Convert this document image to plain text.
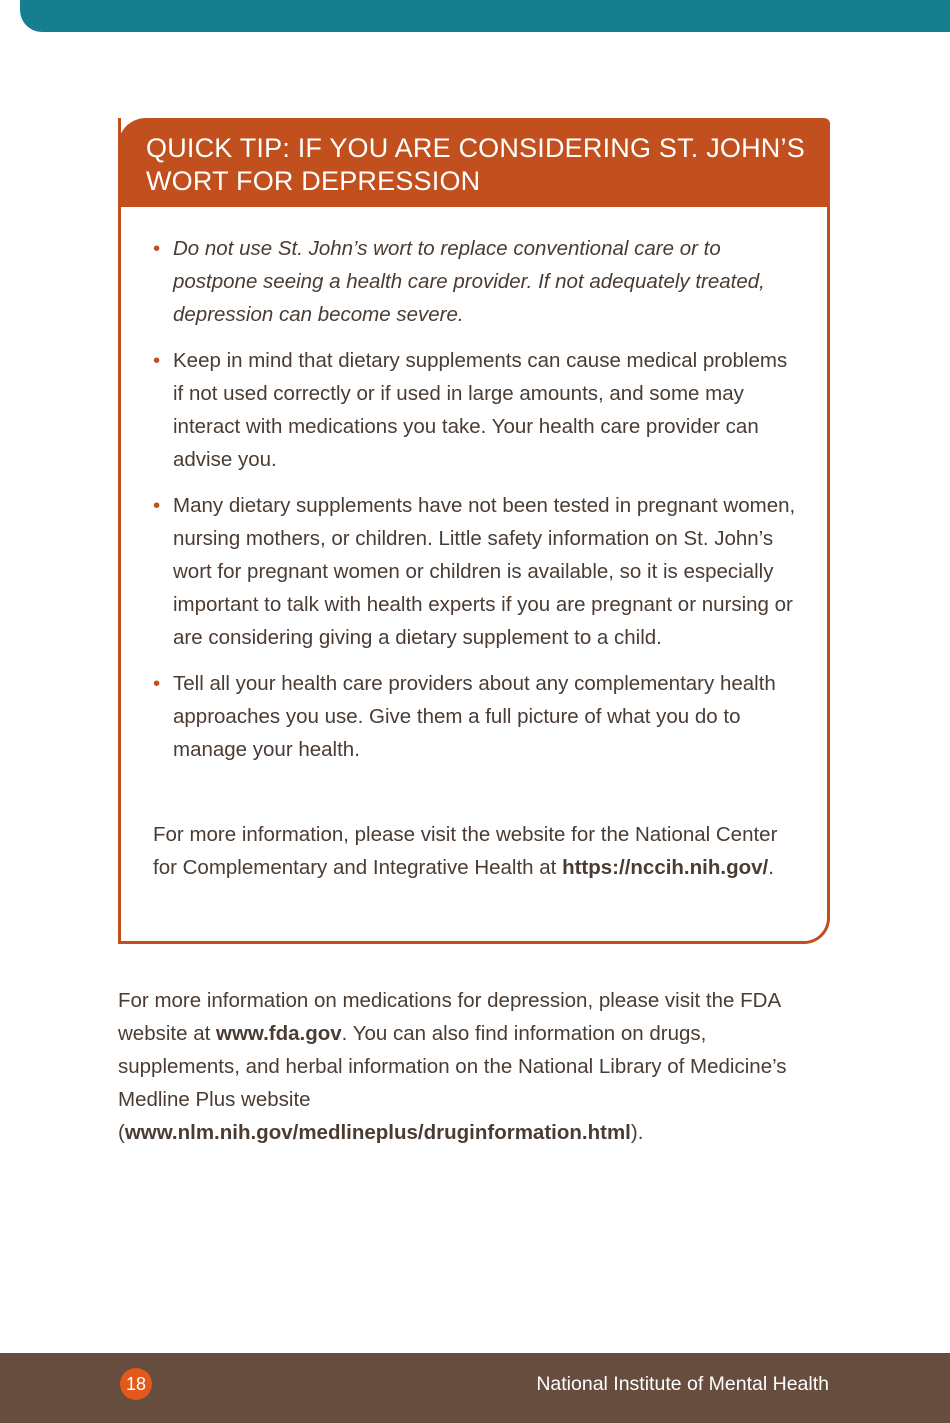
QUICK TIP: IF YOU ARE CONSIDERING ST. JOHN’S WORT FOR DEPRESSION
• Do not use St. John’s wort to replace conventional care or to postpone seeing a health care provider. If not adequately treated, depression can become severe.
• Keep in mind that dietary supplements can cause medical problems if not used correctly or if used in large amounts, and some may interact with medications you take. Your health care provider can advise you.
• Many dietary supplements have not been tested in pregnant women, nursing mothers, or children. Little safety information on St. John’s wort for pregnant women or children is available, so it is especially important to talk with health experts if you are pregnant or nursing or are considering giving a dietary supplement to a child.
• Tell all your health care providers about any complementary health approaches you use. Give them a full picture of what you do to manage your health.

For more information, please visit the website for the National Center for Complementary and Integrative Health at https://nccih.nih.gov/.

For more information on medications for depression, please visit the FDA website at www.fda.gov. You can also find information on drugs, supplements, and herbal information on the National Library of Medicine’s Medline Plus website (www.nlm.nih.gov/medlineplus/druginformation.html).

18	National Institute of Mental Health
